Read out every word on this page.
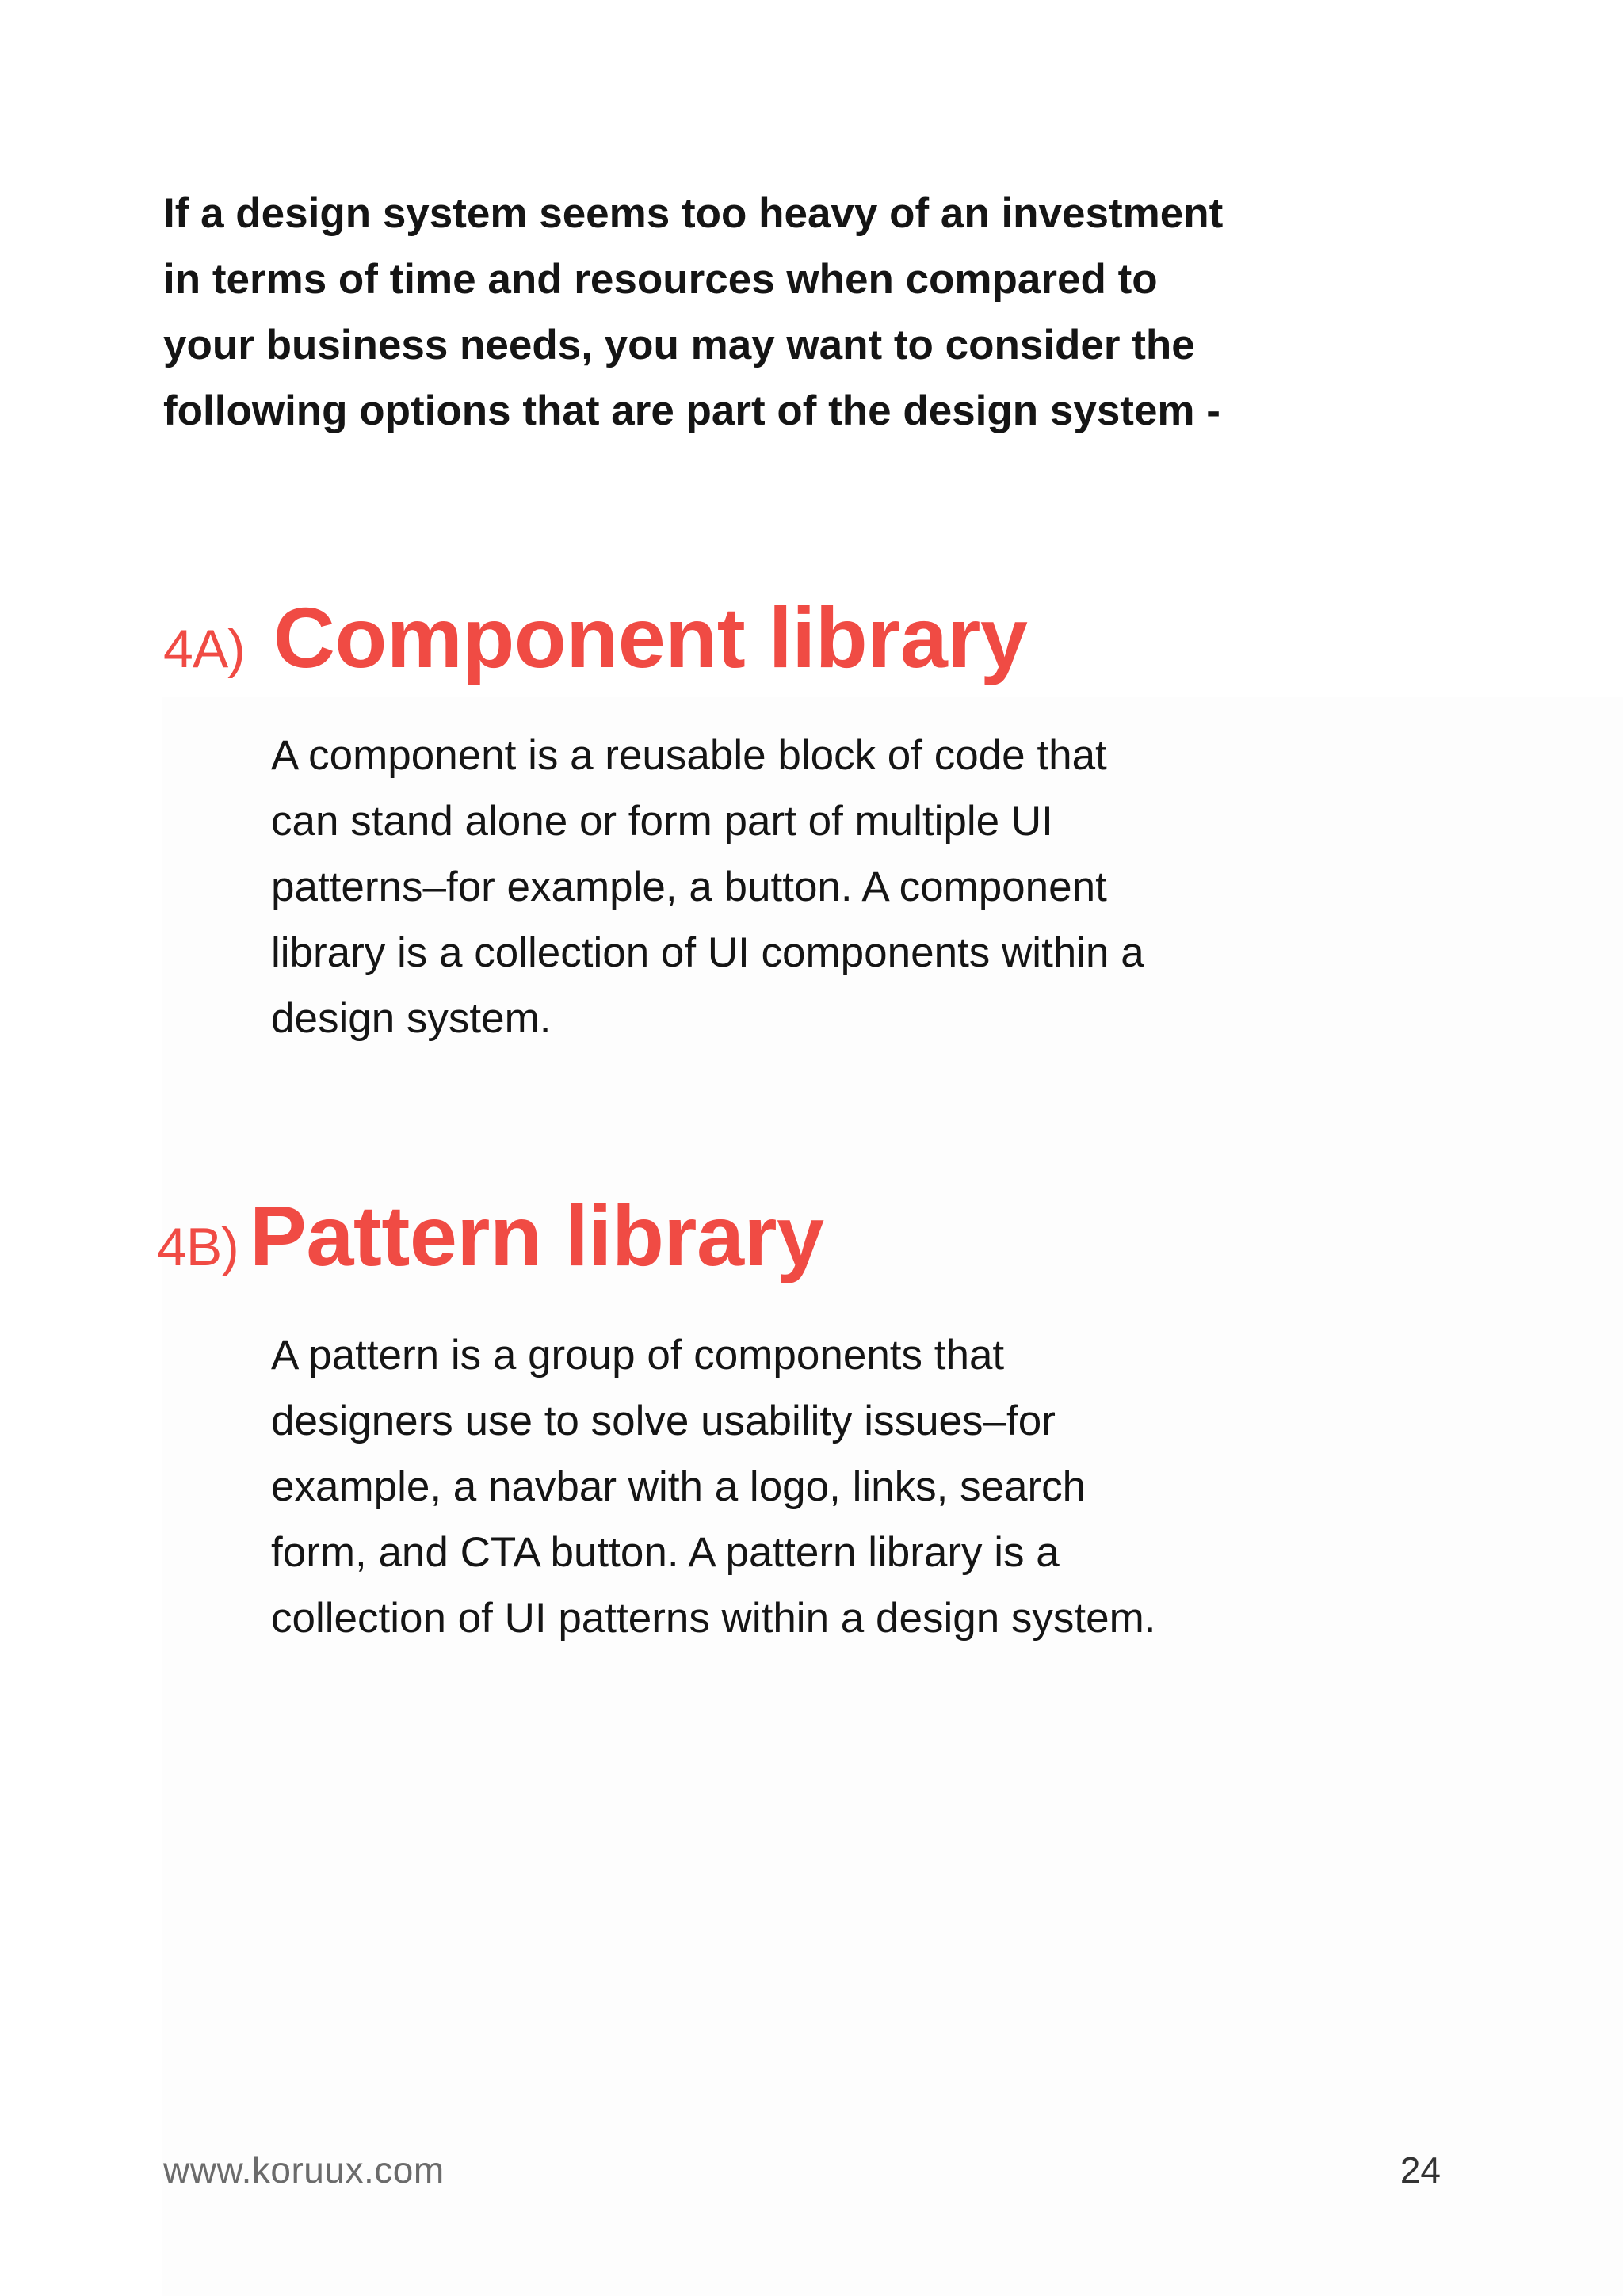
If a design system seems too heavy of an investment
in terms of time and resources when compared to
your business needs, you may want to consider the
following options that are part of the design system -

4A) Component library

A component is a reusable block of code that
can stand alone or form part of multiple UI
patterns–for example, a button. A component
library is a collection of UI components within a
design system.

4B) Pattern library

A pattern is a group of components that
designers use to solve usability issues–for
example, a navbar with a logo, links, search
form, and CTA button. A pattern library is a
collection of UI patterns within a design system.

www.koruux.com	24
